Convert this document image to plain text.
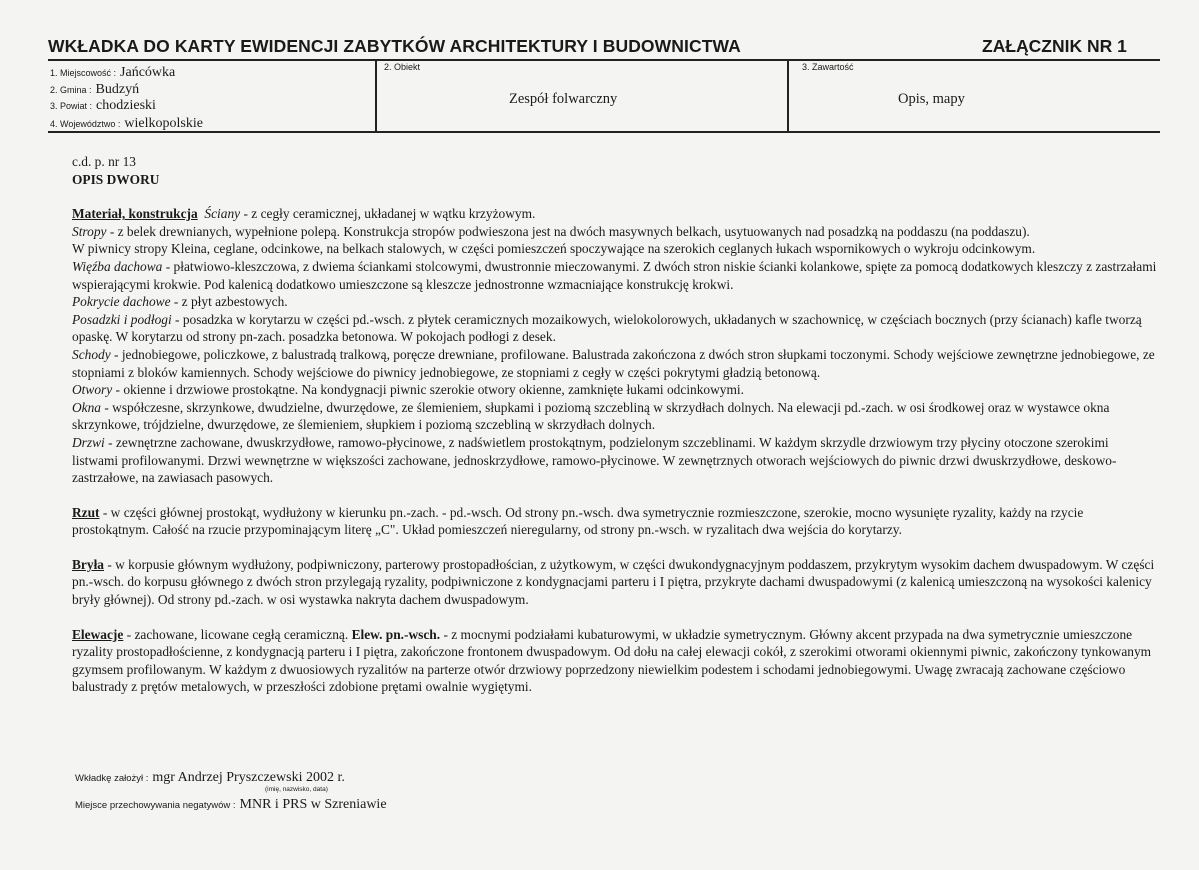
WKŁADKA DO KARTY EWIDENCJI ZABYTKÓW ARCHITEKTURY I BUDOWNICTWA	ZAŁĄCZNIK NR 1
1. Miejscowość : Jańcówka
2. Gmina : Budzyń
3. Powiat : chodzieski
4. Województwo : wielkopolskie
2. Obiekt
Zespół folwarczny
3. Zawartość
Opis, mapy

c.d. p. nr 13

OPIS DWORU

Materiał, konstrukcja Ściany - z cegły ceramicznej, układanej w wątku krzyżowym.

Stropy - z belek drewnianych, wypełnione polepą. Konstrukcja stropów podwieszona jest na dwóch masywnych belkach, usytuowanych nad posadzką na poddaszu (na poddaszu).

W piwnicy stropy Kleina, ceglane, odcinkowe, na belkach stalowych, w części pomieszczeń spoczywające na szerokich ceglanych łukach wspornikowych o wykroju odcinkowym.

Więźba dachowa - płatwiowo-kleszczowa, z dwiema ściankami stolcowymi, dwustronnie mieczowanymi. Z dwóch stron niskie ścianki kolankowe, spięte za pomocą dodatkowych kleszczy z zastrzałami wspierającymi krokwie. Pod kalenicą dodatkowo umieszczone są kleszcze jednostronne wzmacniające konstrukcję krokwi.

Pokrycie dachowe - z płyt azbestowych.

Posadzki i podłogi - posadzka w korytarzu w części pd.-wsch. z płytek ceramicznych mozaikowych, wielokolorowych, układanych w szachownicę, w częściach bocznych (przy ścianach) kafle tworzą opaskę. W korytarzu od strony pn-zach. posadzka betonowa. W pokojach podłogi z desek.

Schody - jednobiegowe, policzkowe, z balustradą tralkową, poręcze drewniane, profilowane. Balustrada zakończona z dwóch stron słupkami toczonymi. Schody wejściowe zewnętrzne jednobiegowe, ze stopniami z bloków kamiennych. Schody wejściowe do piwnicy jednobiegowe, ze stopniami z cegły w części pokrytymi gładzią betonową.

Otwory - okienne i drzwiowe prostokątne. Na kondygnacji piwnic szerokie otwory okienne, zamknięte łukami odcinkowymi.

Okna - współczesne, skrzynkowe, dwudzielne, dwurzędowe, ze ślemieniem, słupkami i poziomą szczebliną w skrzydłach dolnych. Na elewacji pd.-zach. w osi środkowej oraz w wystawce okna skrzynkowe, trójdzielne, dwurzędowe, ze ślemieniem, słupkiem i poziomą szczebliną w skrzydłach dolnych.

Drzwi - zewnętrzne zachowane, dwuskrzydłowe, ramowo-płycinowe, z nadświetlem prostokątnym, podzielonym szczeblinami. W każdym skrzydle drzwiowym trzy płyciny otoczone szerokimi listwami profilowanymi. Drzwi wewnętrzne w większości zachowane, jednoskrzydłowe, ramowo-płycinowe. W zewnętrznych otworach wejściowych do piwnic drzwi dwuskrzydłowe, deskowo-zastrzałowe, na zawiasach pasowych.

Rzut - w części głównej prostokąt, wydłużony w kierunku pn.-zach. - pd.-wsch. Od strony pn.-wsch. dwa symetrycznie rozmieszczone, szerokie, mocno wysunięte ryzality, każdy na rzycie prostokątnym. Całość na rzucie przypominającym literę „C". Układ pomieszczeń nieregularny, od strony pn.-wsch. w ryzalitach dwa wejścia do korytarzy.

Bryła - w korpusie głównym wydłużony, podpiwniczony, parterowy prostopadłościan, z użytkowym, w części dwukondygnacyjnym poddaszem, przykrytym wysokim dachem dwuspadowym. W części pn.-wsch. do korpusu głównego z dwóch stron przylegają ryzality, podpiwniczone z kondygnacjami parteru i I piętra, przykryte dachami dwuspadowymi (z kalenicą umieszczoną na wysokości kalenicy bryły głównej). Od strony pd.-zach. w osi wystawka nakryta dachem dwuspadowym.

Elewacje - zachowane, licowane cegłą ceramiczną. Elew. pn.-wsch. - z mocnymi podziałami kubaturowymi, w układzie symetrycznym. Główny akcent przypada na dwa symetrycznie umieszczone ryzality prostopadłościenne, z kondygnacją parteru i I piętra, zakończone frontonem dwuspadowym. Od dołu na całej elewacji cokół, z szerokimi otworami okiennymi piwnic, zakończony tynkowanym gzymsem profilowanym. W każdym z dwuosiowych ryzalitów na parterze otwór drzwiowy poprzedzony niewielkim podestem i schodami jednobiegowymi. Uwagę zwracają zachowane częściowo balustrady z prętów metalowych, w przeszłości zdobione prętami owalnie wygiętymi.

Wkładkę założył : mgr Andrzej Pryszczewski 2002 r.
(imię, nazwisko, data)
Miejsce przechowywania negatywów : MNR i PRS w Szreniawie
